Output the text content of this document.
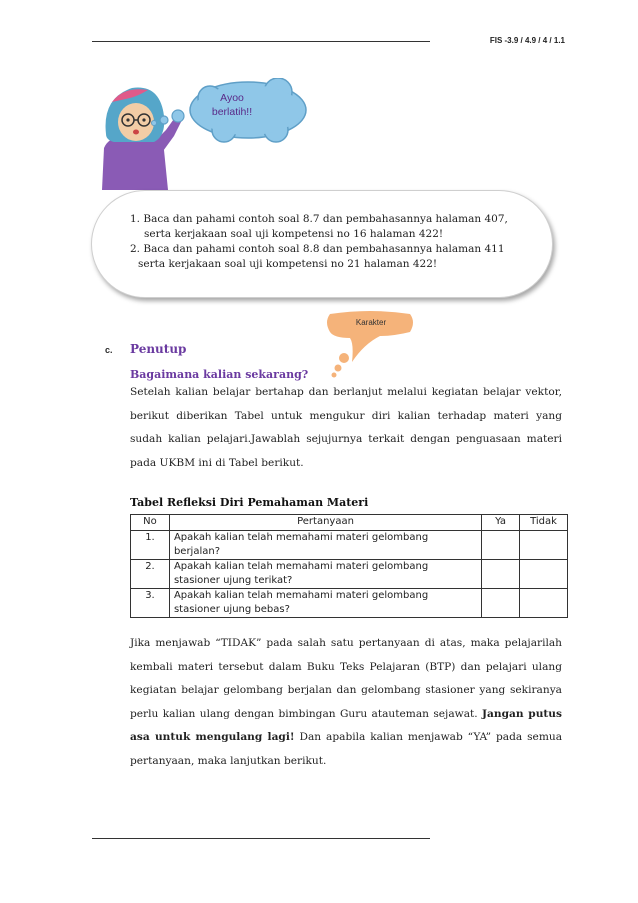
FIS -3.9 / 4.9 / 4 / 1.1
Ayoo
berlatih!!
1. Baca dan pahami contoh soal 8.7 dan pembahasannya halaman 407,
serta kerjakaan soal uji kompetensi no 16 halaman 422!
2. Baca dan pahami contoh soal 8.8 dan pembahasannya halaman 411
serta kerjakaan soal uji kompetensi no 21 halaman 422!
Karakter
c. Penutup
Bagaimana kalian sekarang?

Setelah kalian belajar bertahap dan berlanjut melalui kegiatan belajar vektor, berikut diberikan Tabel untuk mengukur diri kalian terhadap materi yang sudah kalian pelajari.Jawablah sejujurnya terkait dengan penguasaan materi pada UKBM ini di Tabel berikut.

Tabel Refleksi Diri Pemahaman Materi
No	Pertanyaan	Ya	Tidak
1.	Apakah kalian telah memahami materi gelombang berjalan?		
2.	Apakah kalian telah memahami materi gelombang stasioner ujung terikat?		
3.	Apakah kalian telah memahami materi gelombang stasioner ujung bebas?		

Jika menjawab “TIDAK” pada salah satu pertanyaan di atas, maka pelajarilah kembali materi tersebut dalam Buku Teks Pelajaran (BTP) dan pelajari ulang kegiatan belajar gelombang berjalan dan gelombang stasioner yang sekiranya perlu kalian ulang dengan bimbingan Guru atauteman sejawat. Jangan putus asa untuk mengulang lagi! Dan apabila kalian menjawab “YA” pada semua pertanyaan, maka lanjutkan berikut.
